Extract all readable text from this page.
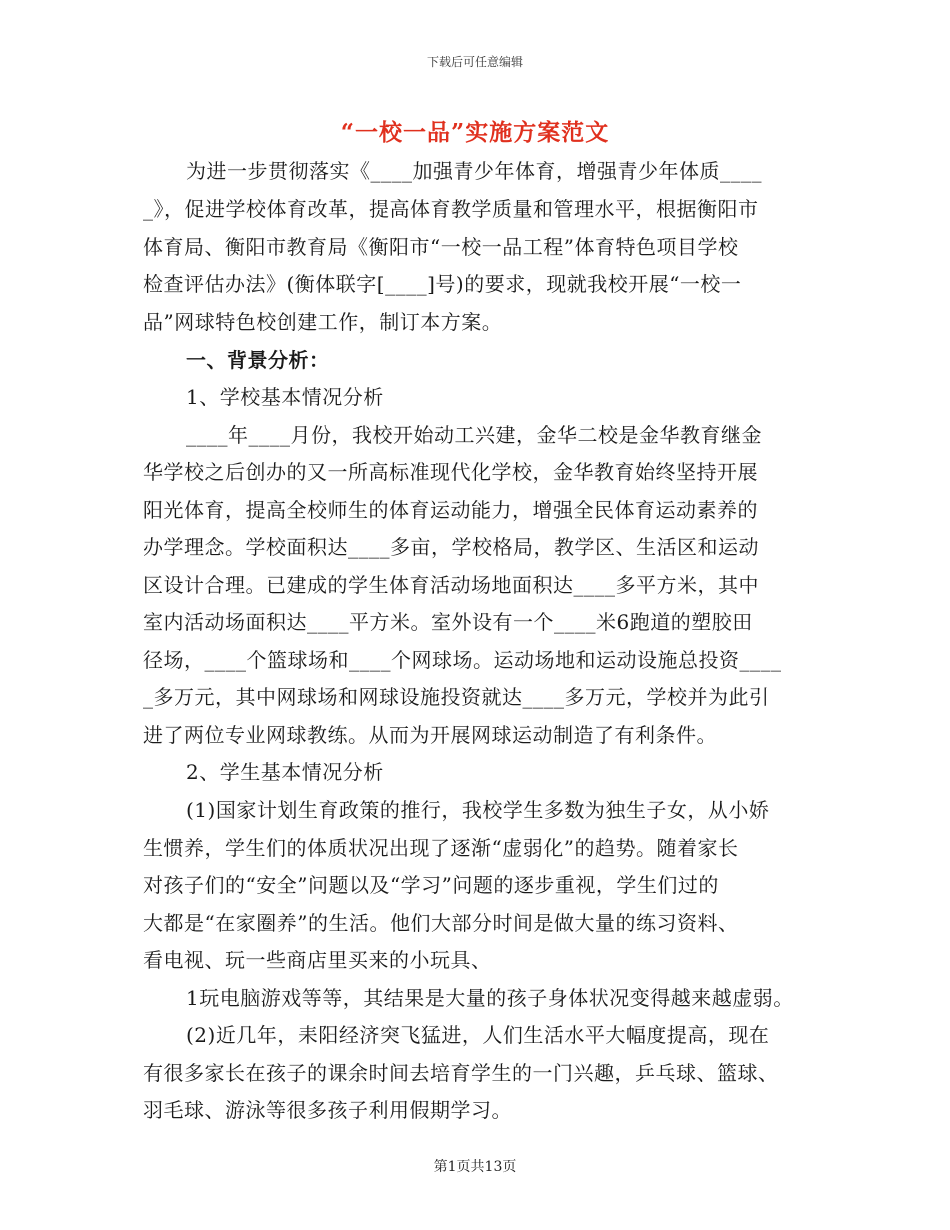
下载后可任意编辑
“一校一品”实施方案范文
为进一步贯彻落实《____加强青少年体育，增强青少年体质____
_》，促进学校体育改革，提高体育教学质量和管理水平，根据衡阳市
体育局、衡阳市教育局《衡阳市“一校一品工程”体育特色项目学校
检查评估办法》(衡体联字[____]号)的要求，现就我校开展“一校一
品”网球特色校创建工作，制订本方案。
一、背景分析：
1、学校基本情况分析
____年____月份，我校开始动工兴建，金华二校是金华教育继金
华学校之后创办的又一所高标准现代化学校，金华教育始终坚持开展
阳光体育，提高全校师生的体育运动能力，增强全民体育运动素养的
办学理念。学校面积达____多亩，学校格局，教学区、生活区和运动
区设计合理。已建成的学生体育活动场地面积达____多平方米，其中
室内活动场面积达____平方米。室外设有一个____米6跑道的塑胶田
径场，____个篮球场和____个网球场。运动场地和运动设施总投资____
_多万元，其中网球场和网球设施投资就达____多万元，学校并为此引
进了两位专业网球教练。从而为开展网球运动制造了有利条件。
2、学生基本情况分析
(1)国家计划生育政策的推行，我校学生多数为独生子女，从小娇
生惯养，学生们的体质状况出现了逐渐“虚弱化”的趋势。随着家长
对孩子们的“安全”问题以及“学习”问题的逐步重视，学生们过的
大都是“在家圈养”的生活。他们大部分时间是做大量的练习资料、
看电视、玩一些商店里买来的小玩具、
1玩电脑游戏等等，其结果是大量的孩子身体状况变得越来越虚弱。
(2)近几年，耒阳经济突飞猛进，人们生活水平大幅度提高，现在
有很多家长在孩子的课余时间去培育学生的一门兴趣，乒乓球、篮球、
羽毛球、游泳等很多孩子利用假期学习。
第1页共13页
